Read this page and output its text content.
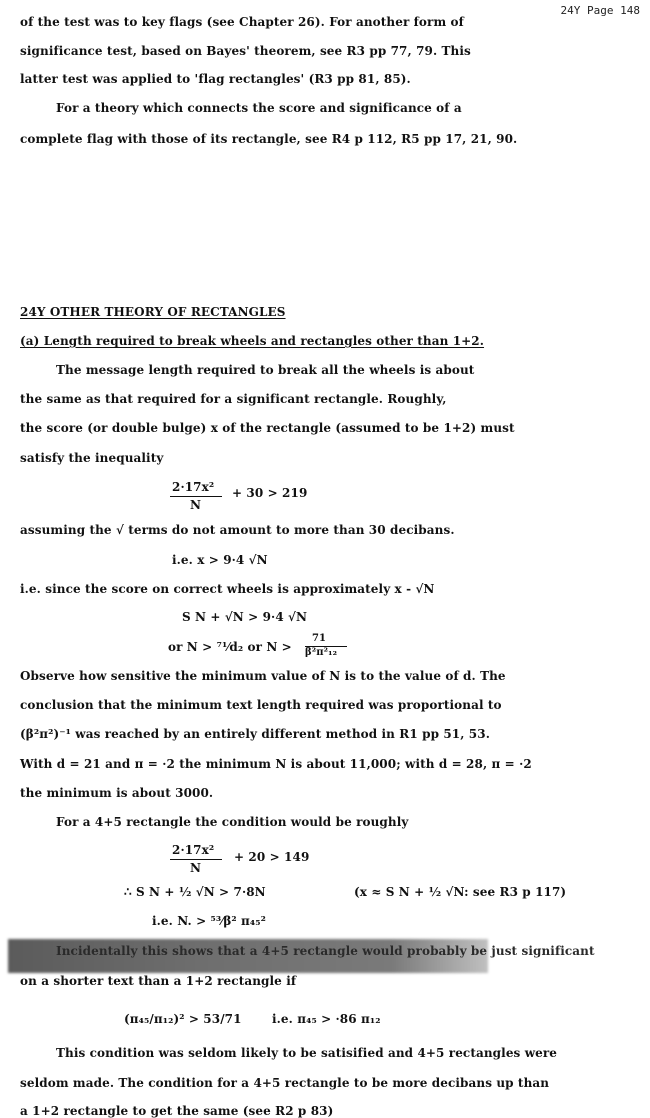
24Y Page 148
of the test was to key flags (see Chapter 26). For another form of
significance test, based on Bayes' theorem, see R3 pp 77, 79. This
latter test was applied to 'flag rectangles' (R3 pp 81, 85).
For a theory which connects the score and significance of a
complete flag with those of its rectangle, see R4 p 112, R5 pp 17, 21, 90.
24Y OTHER THEORY OF RECTANGLES
(a) Length required to break wheels and rectangles other than 1+2.
The message length required to break all the wheels is about
the same as that required for a significant rectangle. Roughly,
the score (or double bulge) x of the rectangle (assumed to be 1+2) must
satisfy the inequality
2·17x²
N
+ 30 > 219
assuming the √ terms do not amount to more than 30 decibans.
i.e. x > 9·4 √N
i.e. since the score on correct wheels is approximately x - √N
S N + √N > 9·4 √N
or N > ⁷¹⁄d₂ or N >
71
β²π²₁₂
Observe how sensitive the minimum value of N is to the value of d. The
conclusion that the minimum text length required was proportional to
(β²π²)⁻¹ was reached by an entirely different method in R1 pp 51, 53.
With d = 21 and π = ·2 the minimum N is about 11,000; with d = 28, π = ·2
the minimum is about 3000.
For a 4+5 rectangle the condition would be roughly
2·17x²
N
+ 20 > 149
∴ S N + ½ √N > 7·8N	(x ≈ S N + ½ √N: see R3 p 117)
i.e. N. > ⁵³⁄β² π₄₅²
Incidentally this shows that a 4+5 rectangle would probably be just significant
on a shorter text than a 1+2 rectangle if
(π₄₅/π₁₂)² > 53/71	i.e. π₄₅ > ·86 π₁₂
This condition was seldom likely to be satisified and 4+5 rectangles were
seldom made. The condition for a 4+5 rectangle to be more decibans up than
a 1+2 rectangle to get the same (see R2 p 83)
